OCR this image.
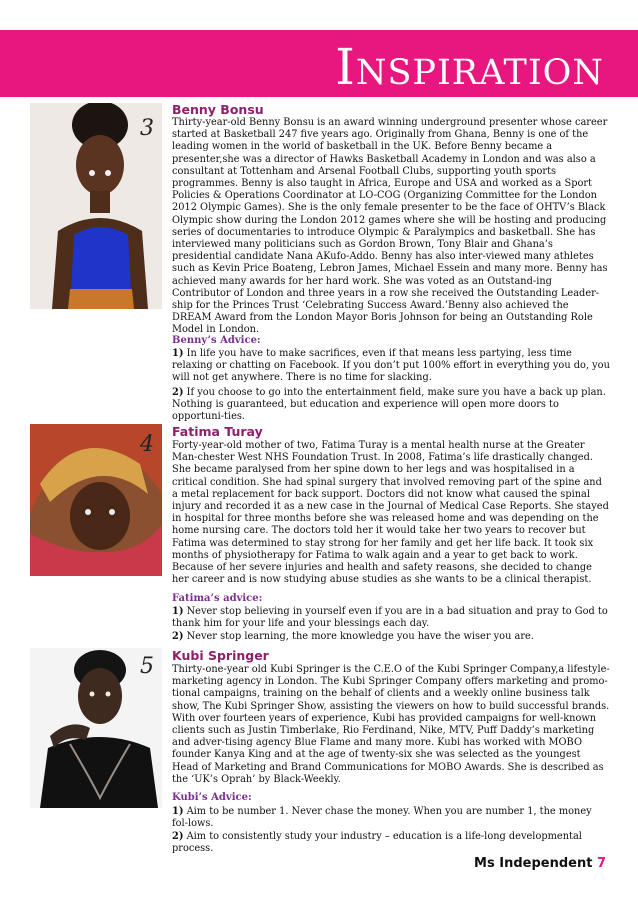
Inspiration
3
Benny Bonsu

Thirty-year-old Benny Bonsu is an award winning underground presenter whose career started at Basketball 247 five years ago. Originally from Ghana, Benny is one of the leading women in the world of basketball in the UK. Before Benny became a presenter,she was a director of Hawks Basketball Academy in London and was also a consultant at Tottenham and Arsenal Football Clubs, supporting youth sports programmes. Benny is also taught in Africa, Europe and USA and worked as a Sport Policies & Operations Coordinator at LO-COG (Organizing Committee for the London 2012 Olympic Games). She is the only female presenter to be the face of OHTV’s Black Olympic show during the London 2012 games where she will be hosting and producing series of documentaries to introduce Olympic & Paralympics and basketball. She has interviewed many politicians such as Gordon Brown, Tony Blair and Ghana’s presidential candidate Nana AKufo-Addo. Benny has also inter-viewed many athletes such as Kevin Price Boateng, Lebron James, Michael Essein and many more. Benny has achieved many awards for her hard work. She was voted as an Outstand-ing Contributor of London and three years in a row she received the Outstanding Leader-ship for the Princes Trust ‘Celebrating Success Award.’Benny also achieved the DREAM Award from the London Mayor Boris Johnson for being an Outstanding Role Model in London.

Benny’s Advice:

1) In life you have to make sacrifices, even if that means less partying, less time relaxing or chatting on Facebook. If you don’t put 100% effort in everything you do, you will not get anywhere. There is no time for slacking.

2) If you choose to go into the entertainment field, make sure you have a back up plan. Nothing is guaranteed, but education and experience will open more doors to opportuni-ties.

4
Fatima Turay

Forty-year-old mother of two, Fatima Turay is a mental health nurse at the Greater Man-chester West NHS Foundation Trust. In 2008, Fatima’s life drastically changed. She became paralysed from her spine down to her legs and was hospitalised in a critical condition. She had spinal surgery that involved removing part of the spine and a metal replacement for back support. Doctors did not know what caused the spinal injury and recorded it as a new case in the Journal of Medical Case Reports. She stayed in hospital for three months before she was released home and was depending on the home nursing care. The doctors told her it would take her two years to recover but Fatima was determined to stay strong for her family and get her life back. It took six months of physiotherapy for Fatima to walk again and a year to get back to work. Because of her severe injuries and health and safety reasons, she decided to change her career and is now studying abuse studies as she wants to be a clinical therapist.

Fatima’s advice:

1) Never stop believing in yourself even if you are in a bad situation and pray to God to thank him for your life and your blessings each day.

2) Never stop learning, the more knowledge you have the wiser you are.

5 Kubi Springer

Thirty-one-year old Kubi Springer is the C.E.O of the Kubi Springer Company,a lifestyle-marketing agency in London. The Kubi Springer Company offers marketing and promo-tional campaigns, training on the behalf of clients and a weekly online business talk show, The Kubi Springer Show, assisting the viewers on how to build successful brands. With over fourteen years of experience, Kubi has provided campaigns for well-known clients such as Justin Timberlake, Rio Ferdinand, Nike, MTV, Puff Daddy’s marketing and adver-tising agency Blue Flame and many more. Kubi has worked with MOBO founder Kanya King and at the age of twenty-six she was selected as the youngest Head of Marketing and Brand Communications for MOBO Awards. She is described as the ‘UK’s Oprah’ by Black-Weekly.

Kubi’s Advice:

1) Aim to be number 1. Never chase the money. When you are number 1, the money fol-lows.

2) Aim to consistently study your industry – education is a life-long developmental process.

Ms Independent 7
